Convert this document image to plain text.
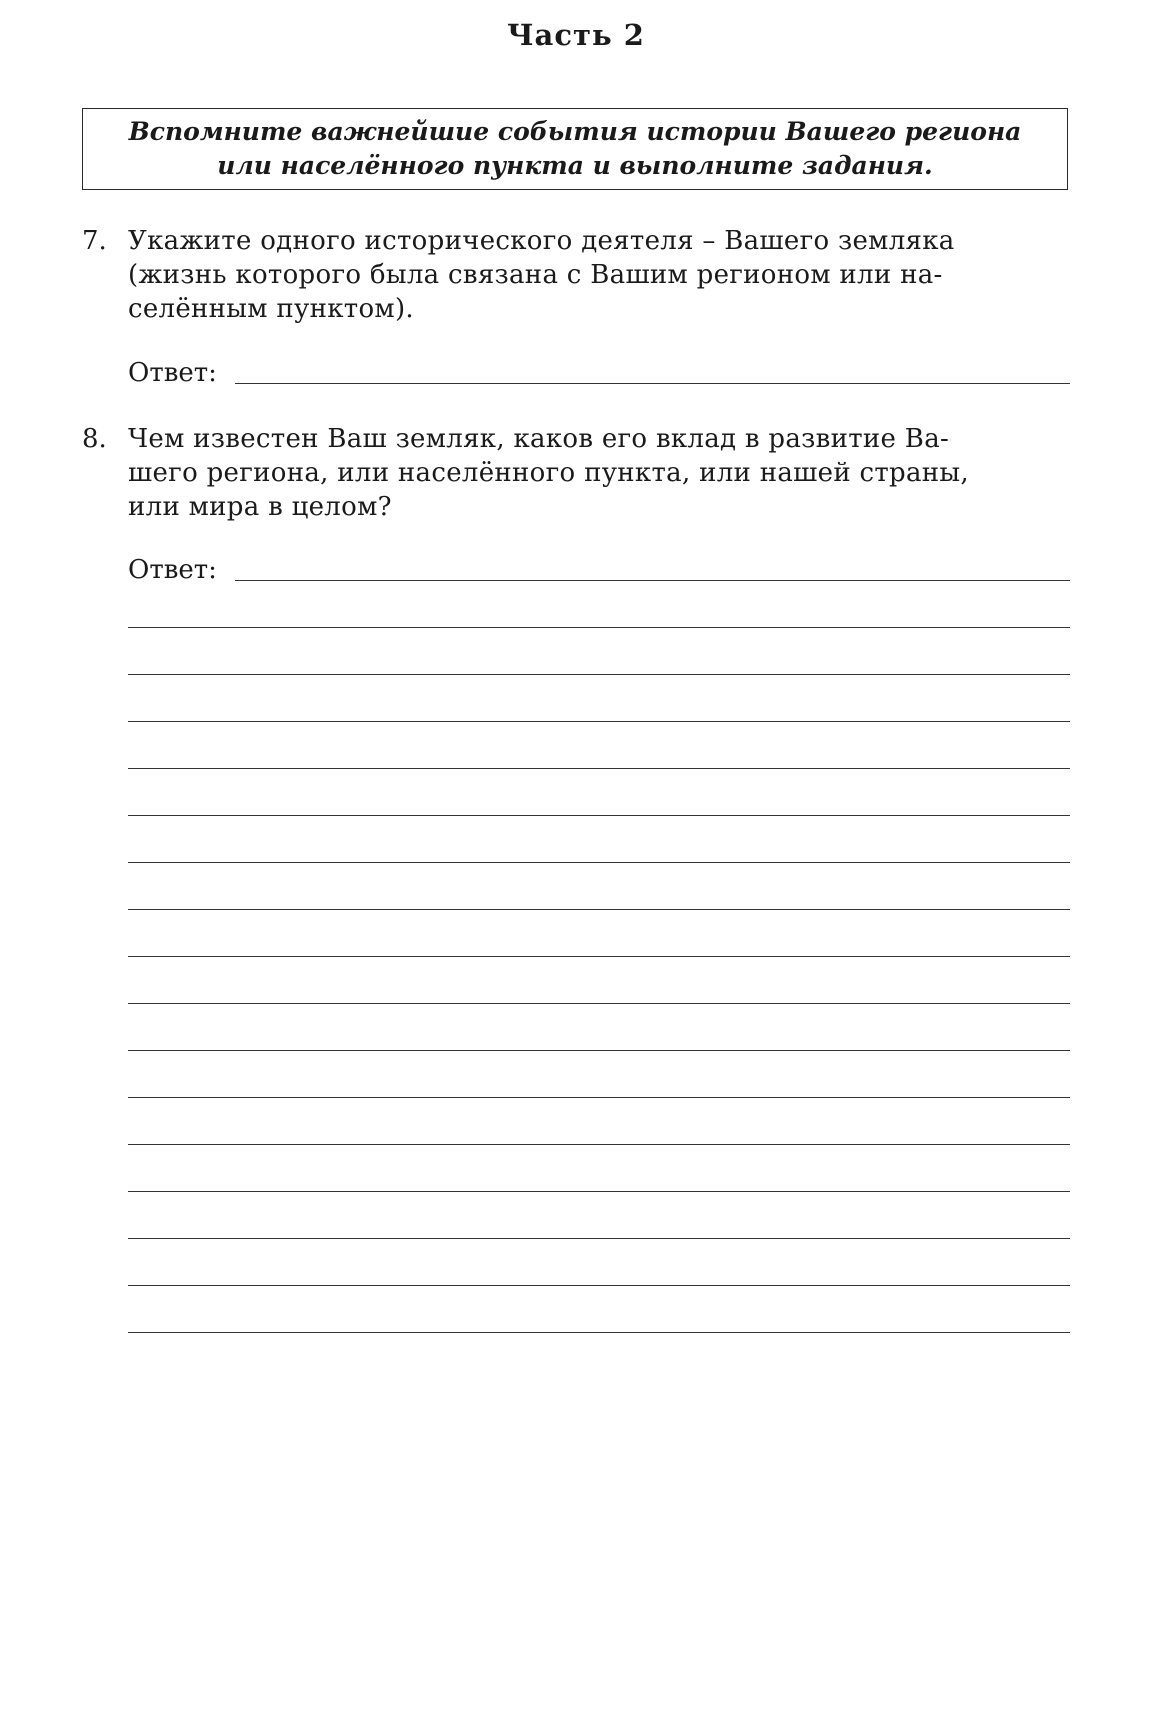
Часть 2
Вспомните важнейшие события истории Вашего региона
или населённого пункта и выполните задания.
7. Укажите одного исторического деятеля – Вашего земляка
(жизнь которого была связана с Вашим регионом или на-
селённым пунктом).
Ответ:
8. Чем известен Ваш земляк, каков его вклад в развитие Ва-
шего региона, или населённого пункта, или нашей страны,
или мира в целом?
Ответ:
